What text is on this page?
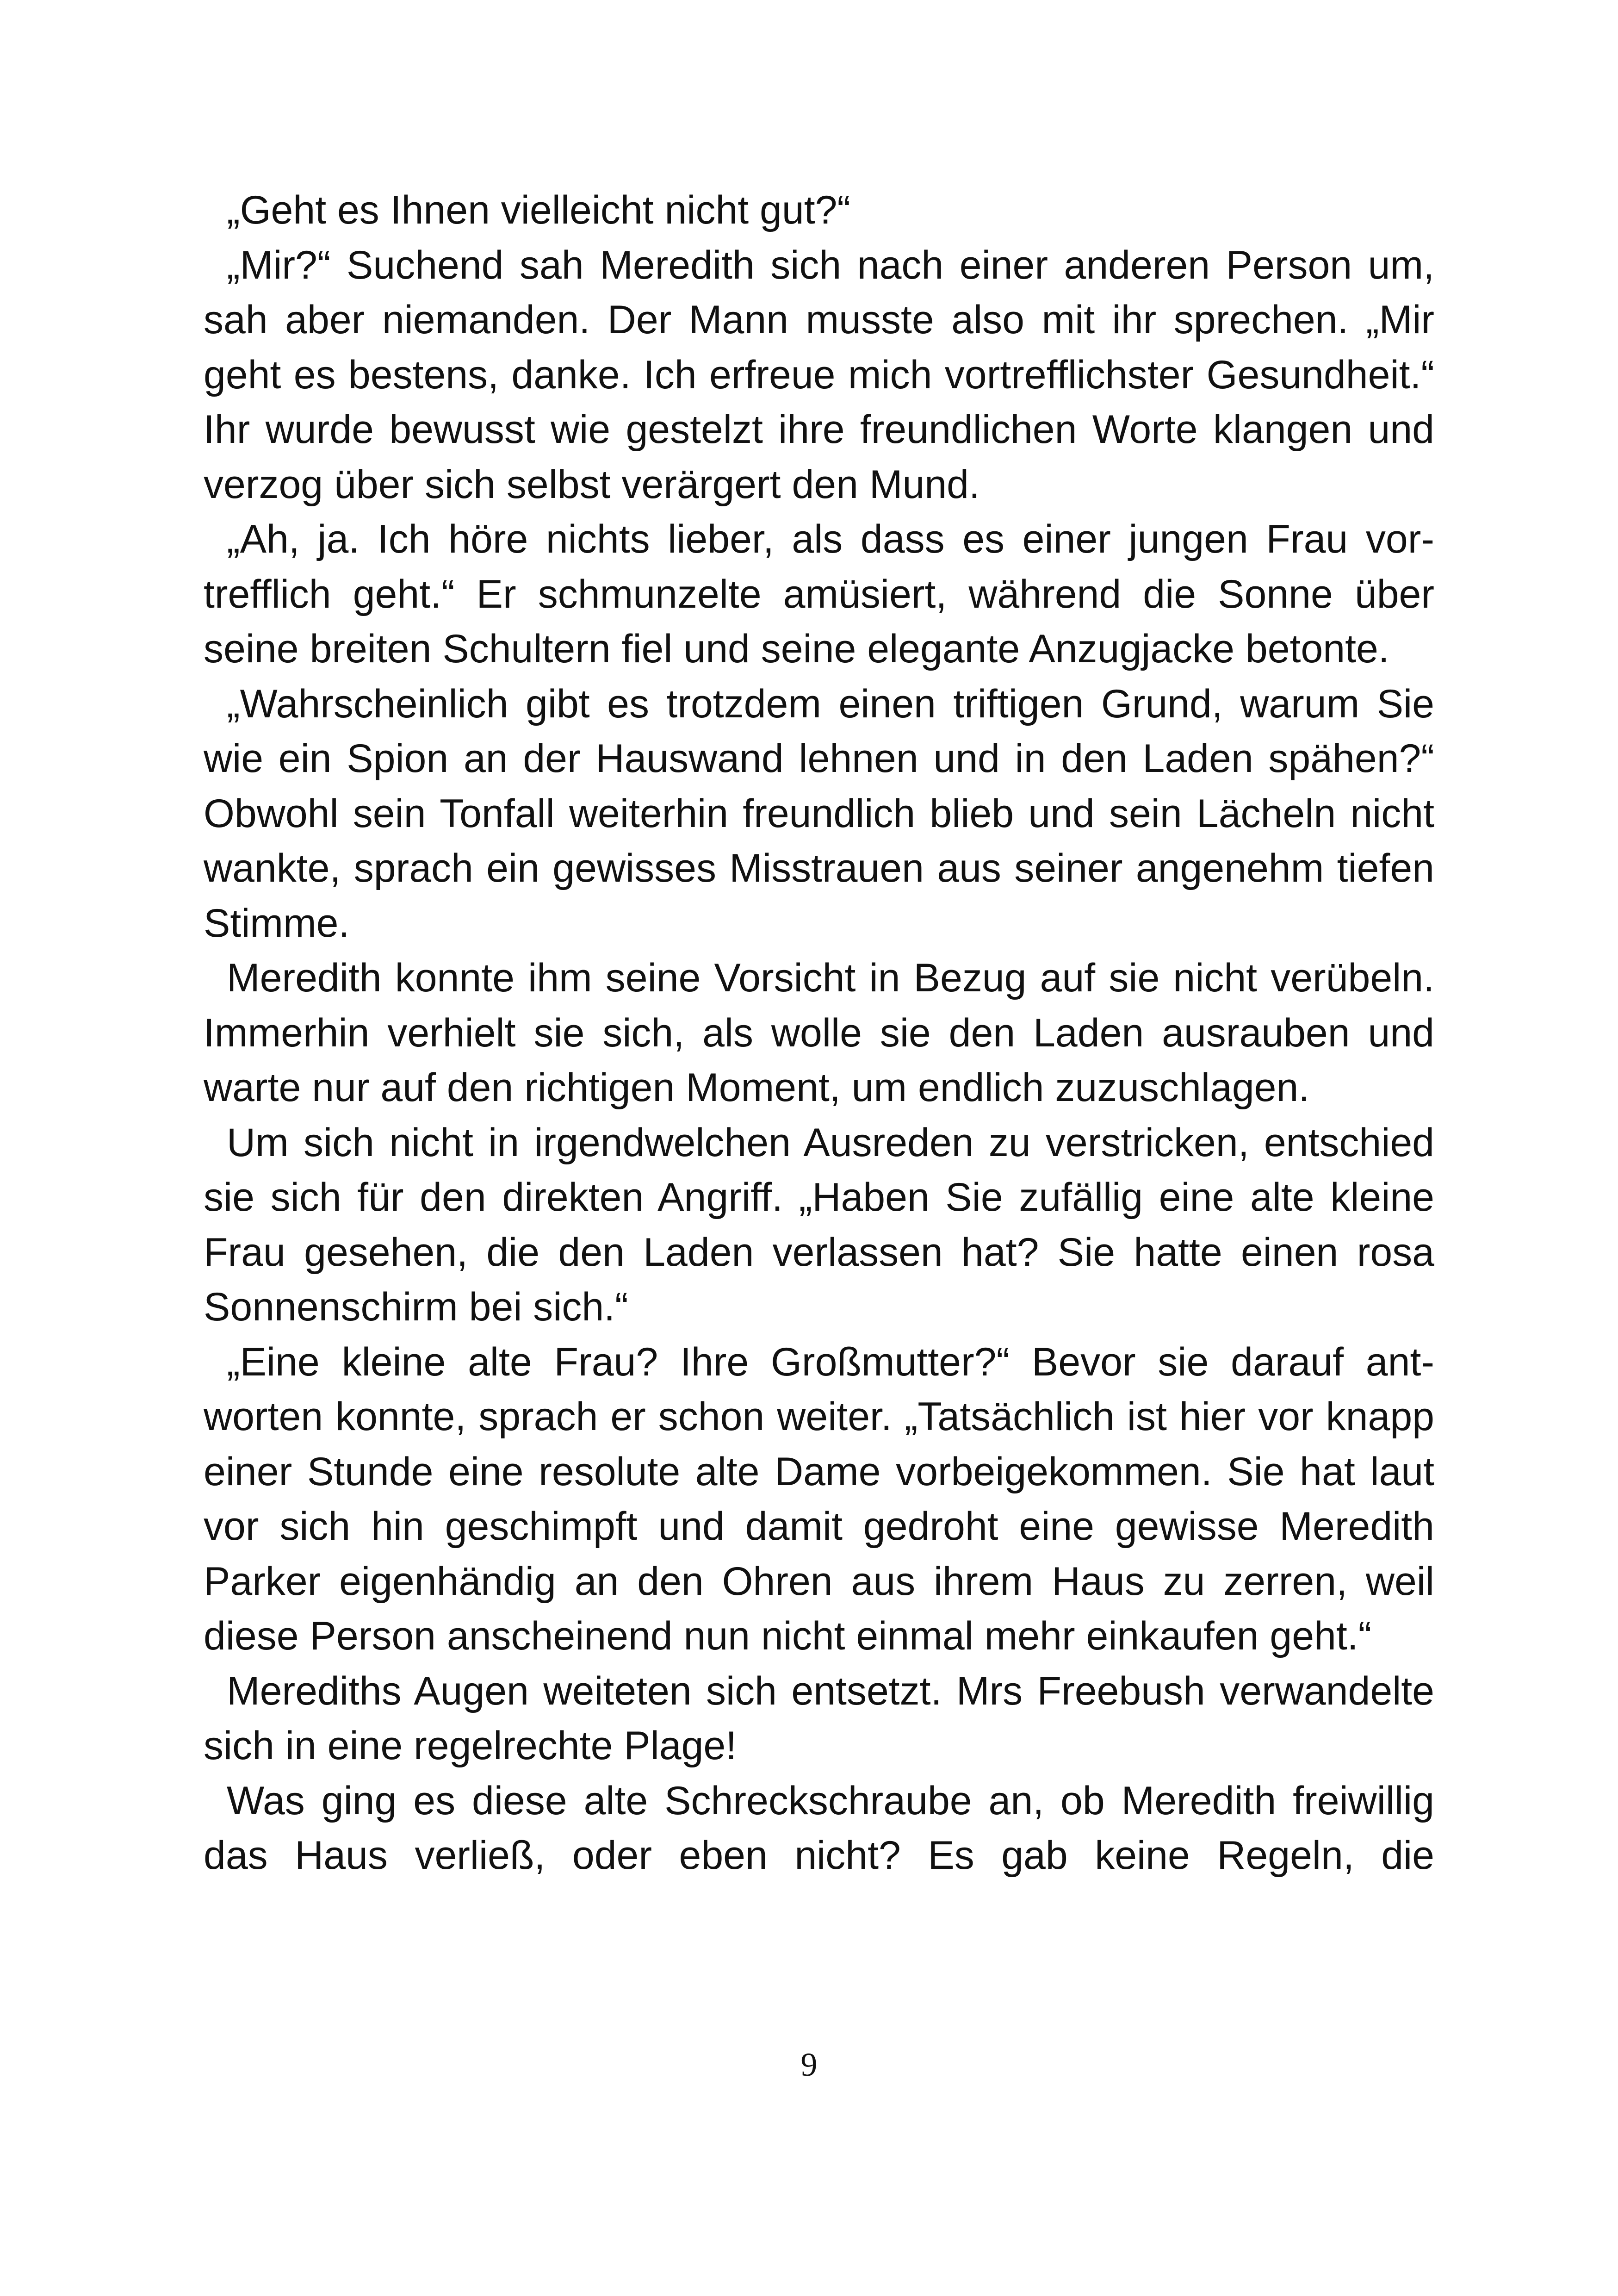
„Geht es Ihnen vielleicht nicht gut?“

„Mir?“ Suchend sah Meredith sich nach einer anderen Person um, sah aber niemanden. Der Mann musste also mit ihr sprechen. „Mir geht es bestens, danke. Ich erfreue mich vortrefflichster Gesundheit.“ Ihr wurde bewusst wie gestelzt ihre freundlichen Worte klangen und verzog über sich selbst verärgert den Mund.

„Ah, ja. Ich höre nichts lieber, als dass es einer jungen Frau vortrefflich geht.“ Er schmunzelte amüsiert, während die Sonne über seine breiten Schultern fiel und seine elegante Anzugjacke betonte.

„Wahrscheinlich gibt es trotzdem einen triftigen Grund, warum Sie wie ein Spion an der Hauswand lehnen und in den Laden spähen?“ Obwohl sein Tonfall weiterhin freundlich blieb und sein Lächeln nicht wankte, sprach ein gewisses Misstrauen aus seiner angenehm tiefen Stimme.

Meredith konnte ihm seine Vorsicht in Bezug auf sie nicht verübeln. Immerhin verhielt sie sich, als wolle sie den Laden ausrauben und warte nur auf den richtigen Moment, um endlich zuzuschlagen.

Um sich nicht in irgendwelchen Ausreden zu verstricken, entschied sie sich für den direkten Angriff. „Haben Sie zufällig eine alte kleine Frau gesehen, die den Laden verlassen hat? Sie hatte einen rosa Sonnenschirm bei sich.“

„Eine kleine alte Frau? Ihre Großmutter?“ Bevor sie darauf antworten konnte, sprach er schon weiter. „Tatsächlich ist hier vor knapp einer Stunde eine resolute alte Dame vorbeigekommen. Sie hat laut vor sich hin geschimpft und damit gedroht eine gewisse Meredith Parker eigenhändig an den Ohren aus ihrem Haus zu zerren, weil diese Person anscheinend nun nicht einmal mehr einkaufen geht.“

Merediths Augen weiteten sich entsetzt. Mrs Freebush verwandelte sich in eine regelrechte Plage!

Was ging es diese alte Schreckschraube an, ob Meredith freiwillig das Haus verließ, oder eben nicht? Es gab keine Regeln, die

9
